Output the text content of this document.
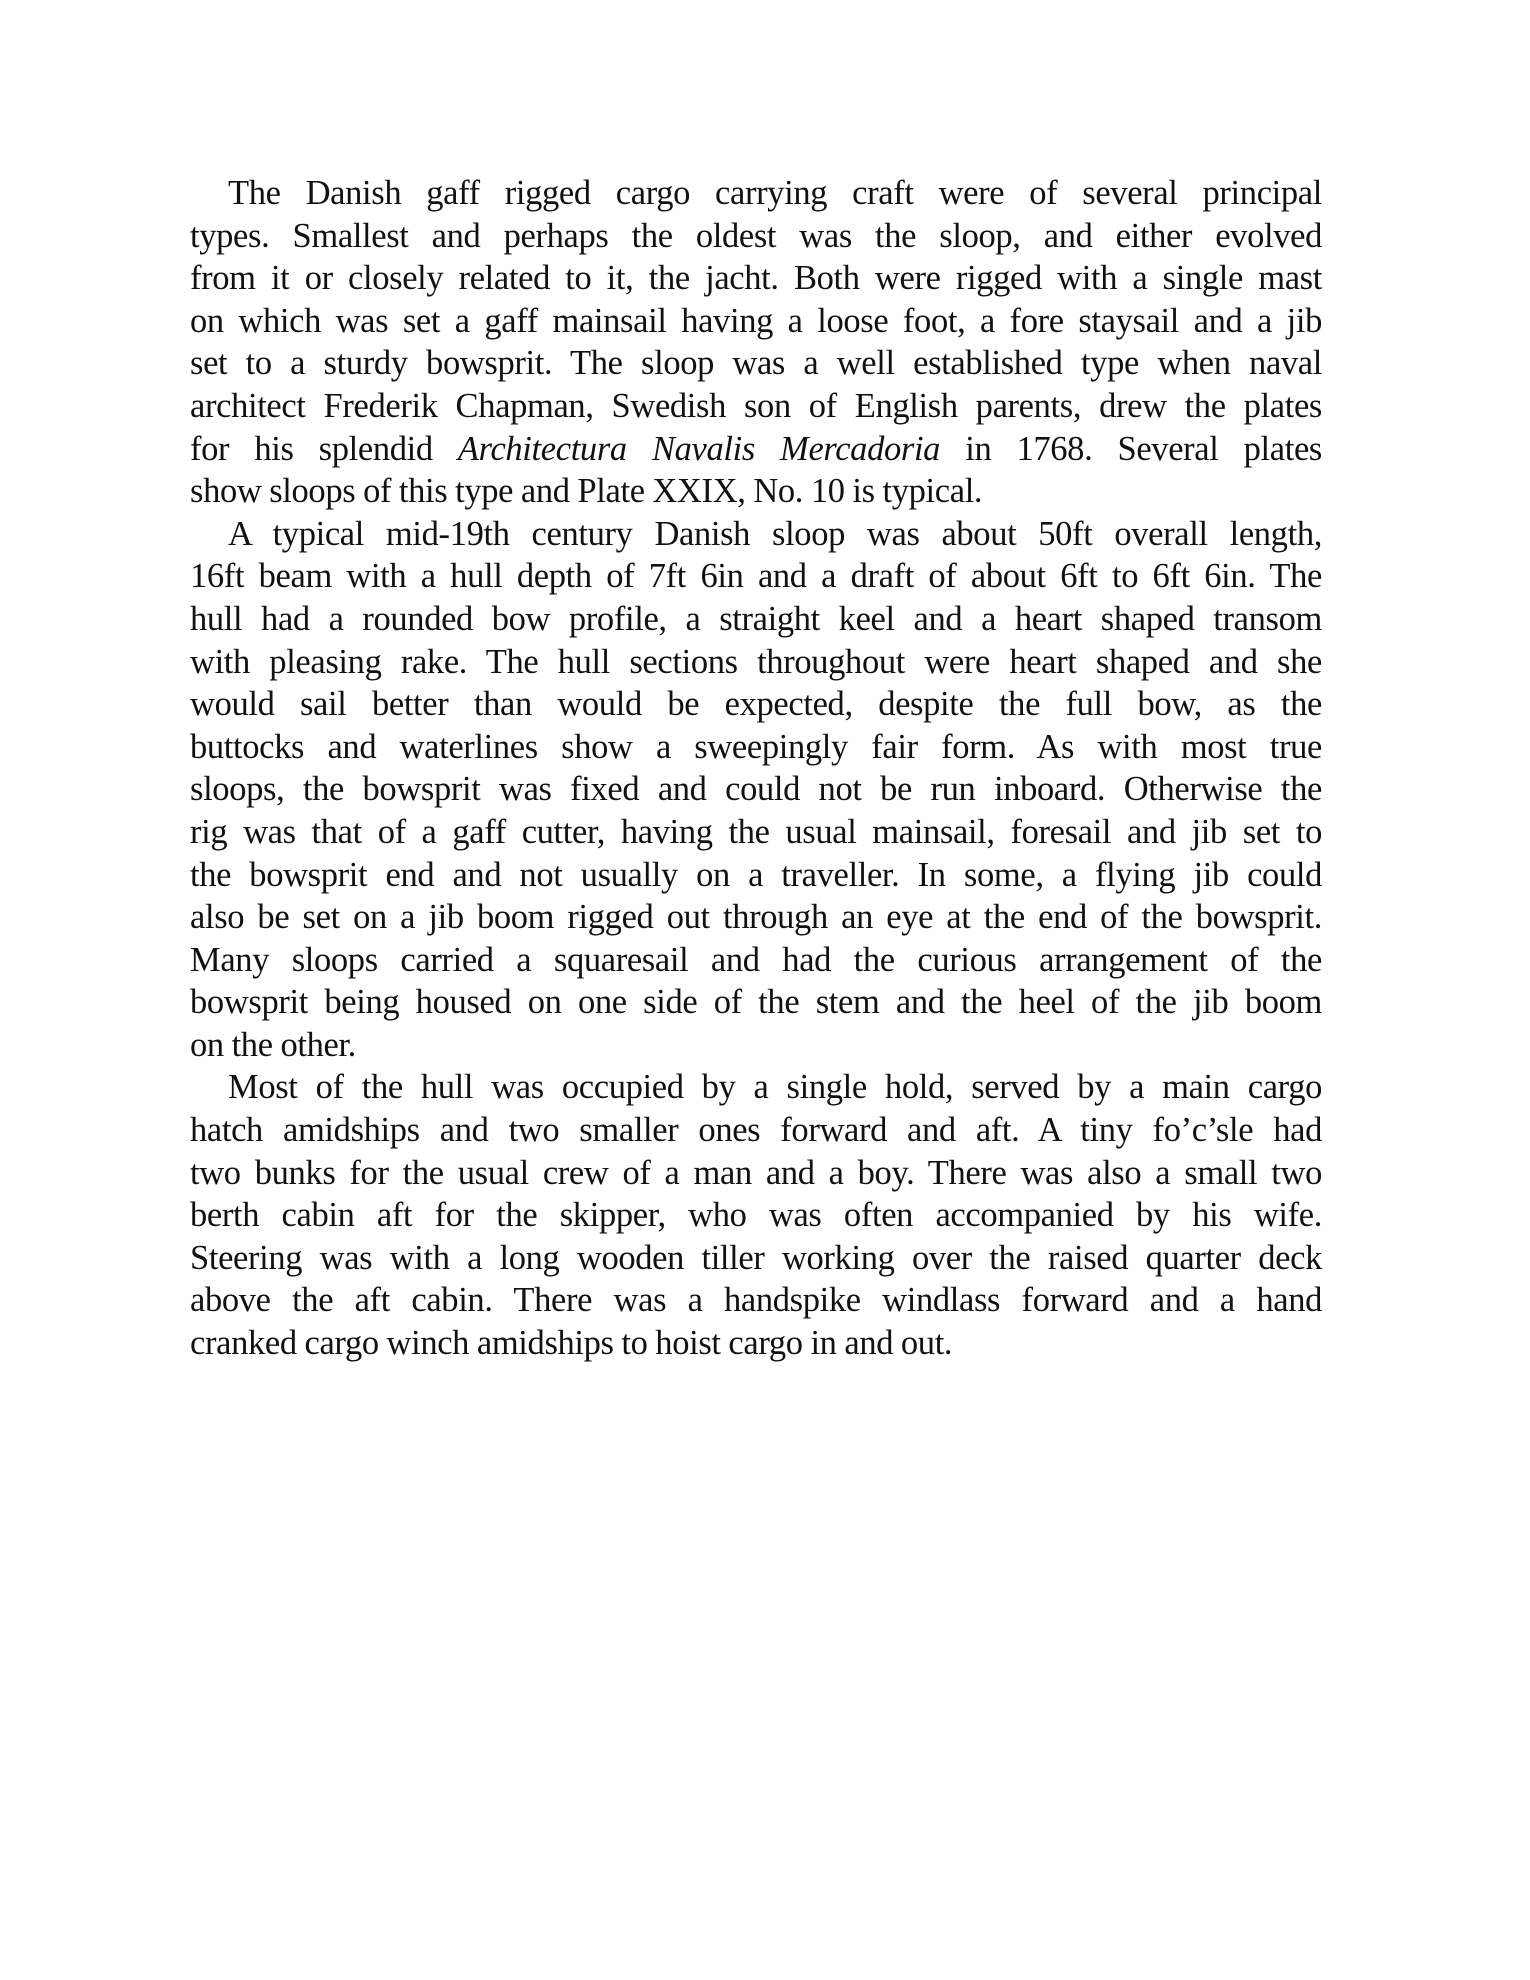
The Danish gaff rigged cargo carrying craft were of several principal
types. Smallest and perhaps the oldest was the sloop, and either evolved
from it or closely related to it, the jacht. Both were rigged with a single mast
on which was set a gaff mainsail having a loose foot, a fore staysail and a jib
set to a sturdy bowsprit. The sloop was a well established type when naval
architect Frederik Chapman, Swedish son of English parents, drew the plates
for his splendid Architectura Navalis Mercadoria in 1768. Several plates
show sloops of this type and Plate XXIX, No. 10 is typical.

A typical mid-19th century Danish sloop was about 50ft overall length,
16ft beam with a hull depth of 7ft 6in and a draft of about 6ft to 6ft 6in. The
hull had a rounded bow profile, a straight keel and a heart shaped transom
with pleasing rake. The hull sections throughout were heart shaped and she
would sail better than would be expected, despite the full bow, as the
buttocks and waterlines show a sweepingly fair form. As with most true
sloops, the bowsprit was fixed and could not be run inboard. Otherwise the
rig was that of a gaff cutter, having the usual mainsail, foresail and jib set to
the bowsprit end and not usually on a traveller. In some, a flying jib could
also be set on a jib boom rigged out through an eye at the end of the bowsprit.
Many sloops carried a squaresail and had the curious arrangement of the
bowsprit being housed on one side of the stem and the heel of the jib boom
on the other.

Most of the hull was occupied by a single hold, served by a main cargo
hatch amidships and two smaller ones forward and aft. A tiny fo’c’sle had
two bunks for the usual crew of a man and a boy. There was also a small two
berth cabin aft for the skipper, who was often accompanied by his wife.
Steering was with a long wooden tiller working over the raised quarter deck
above the aft cabin. There was a handspike windlass forward and a hand
cranked cargo winch amidships to hoist cargo in and out.
